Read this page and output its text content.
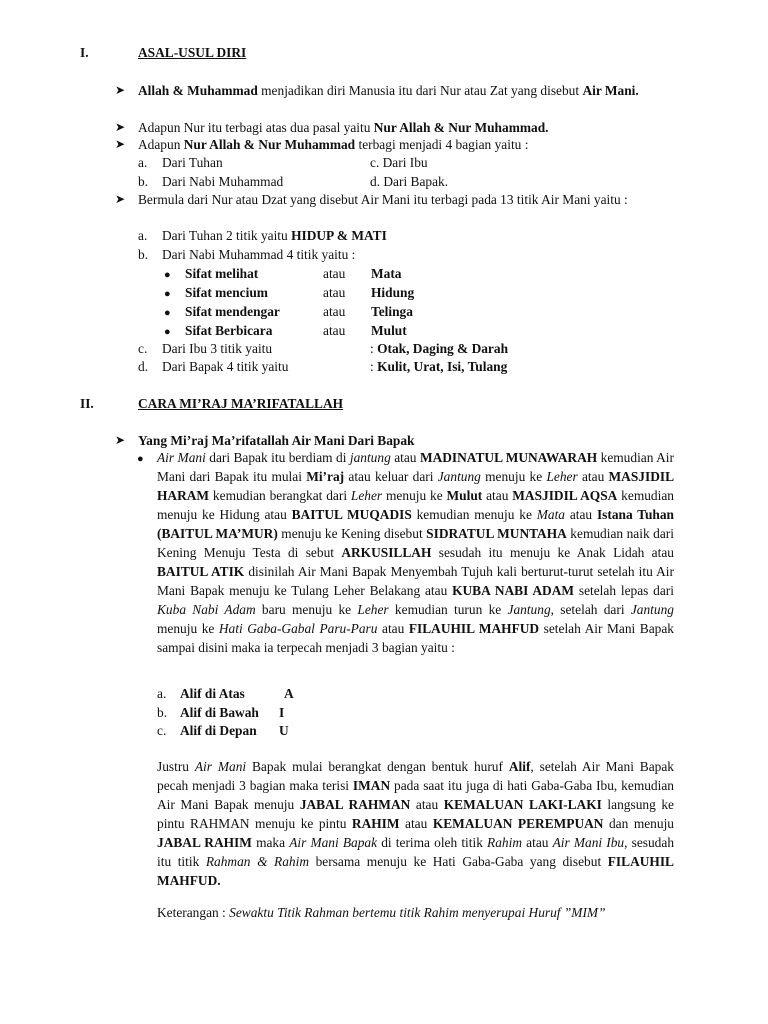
I.	ASAL-USUL DIRI
➤ Allah & Muhammad menjadikan diri Manusia itu dari Nur atau Zat yang disebut Air Mani.
➤ Adapun Nur itu terbagi atas dua pasal yaitu Nur Allah & Nur Muhammad.
➤ Adapun Nur Allah & Nur Muhammad terbagi menjadi 4 bagian yaitu :
a. Dari Tuhan	c. Dari Ibu
b. Dari Nabi Muhammad	d. Dari Bapak.
➤ Bermula dari Nur atau Dzat yang disebut Air Mani itu terbagi pada 13 titik Air Mani yaitu :
a. Dari Tuhan 2 titik yaitu HIDUP & MATI
b. Dari Nabi Muhammad 4 titik yaitu :
● Sifat melihat	atau Mata
● Sifat mencium	atau Hidung
● Sifat mendengar	atau Telinga
● Sifat Berbicara	atau Mulut
c. Dari Ibu 3 titik yaitu	: Otak, Daging & Darah
d. Dari Bapak 4 titik yaitu	: Kulit, Urat, Isi, Tulang
II.	CARA MI’RAJ MA’RIFATALLAH
➤ Yang Mi’raj Ma’rifatallah Air Mani Dari Bapak
● Air Mani dari Bapak itu berdiam di jantung atau MADINATUL MUNAWARAH kemudian Air Mani dari Bapak itu mulai Mi’raj atau keluar dari Jantung menuju ke Leher atau MASJIDIL HARAM kemudian berangkat dari Leher menuju ke Mulut atau MASJIDIL AQSA kemudian menuju ke Hidung atau BAITUL MUQADIS kemudian menuju ke Mata atau Istana Tuhan (BAITUL MA’MUR) menuju ke Kening disebut SIDRATUL MUNTAHA kemudian naik dari Kening Menuju Testa di sebut ARKUSILLAH sesudah itu menuju ke Anak Lidah atau BAITUL ATIK disinilah Air Mani Bapak Menyembah Tujuh kali berturut-turut setelah itu Air Mani Bapak menuju ke Tulang Leher Belakang atau KUBA NABI ADAM setelah lepas dari Kuba Nabi Adam baru menuju ke Leher kemudian turun ke Jantung, setelah dari Jantung menuju ke Hati Gaba-Gabal Paru-Paru atau FILAUHIL MAHFUD setelah Air Mani Bapak sampai disini maka ia terpecah menjadi 3 bagian yaitu :

a. Alif di Atas	A
b. Alif di Bawah I
c. Alif di Depan U

Justru Air Mani Bapak mulai berangkat dengan bentuk huruf Alif, setelah Air Mani Bapak pecah menjadi 3 bagian maka terisi IMAN pada saat itu juga di hati Gaba-Gaba Ibu, kemudian Air Mani Bapak menuju JABAL RAHMAN atau KEMALUAN LAKI-LAKI langsung ke pintu RAHMAN menuju ke pintu RAHIM atau KEMALUAN PEREMPUAN dan menuju JABAL RAHIM maka Air Mani Bapak di terima oleh titik Rahim atau Air Mani Ibu, sesudah itu titik Rahman & Rahim bersama menuju ke Hati Gaba-Gaba yang disebut FILAUHIL MAHFUD.

Keterangan : Sewaktu Titik Rahman bertemu titik Rahim menyerupai Huruf ”MIM”
